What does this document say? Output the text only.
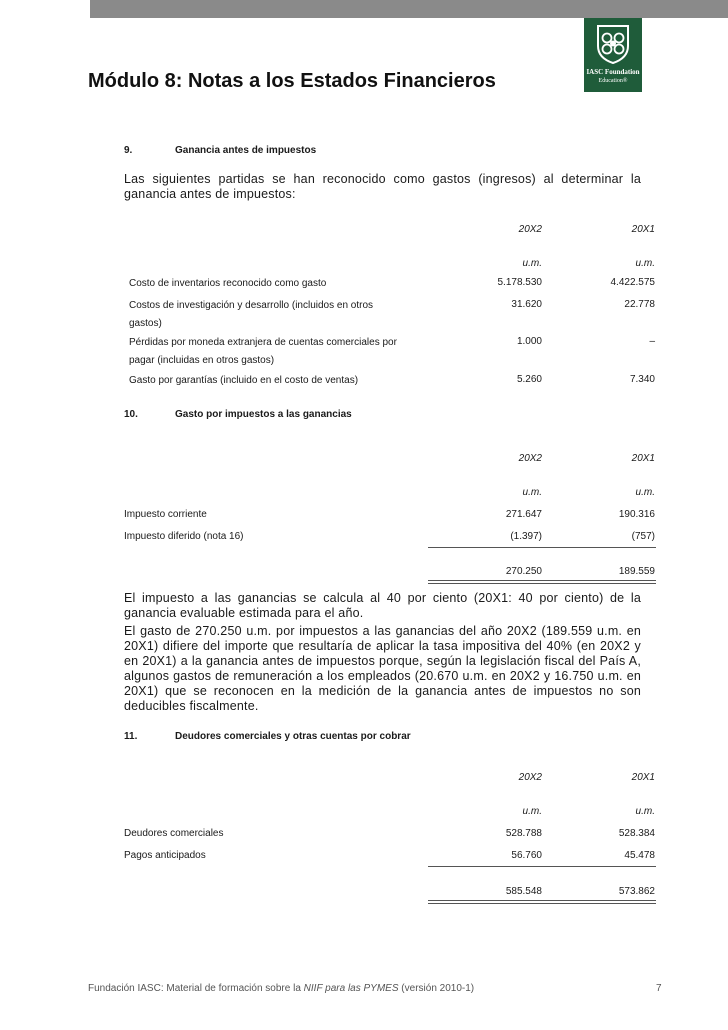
IASC Foundation
Education®
Módulo 8: Notas a los Estados Financieros
9.	Ganancia antes de impuestos
Las siguientes partidas se han reconocido como gastos (ingresos) al determinar la ganancia antes de impuestos:
20X2	20X1
u.m.	u.m.
Costo de inventarios reconocido como gasto	5.178.530	4.422.575
Costos de investigación y desarrollo (incluidos en otros
gastos)
31.620	22.778
Pérdidas por moneda extranjera de cuentas comerciales por
pagar (incluidas en otros gastos)
1.000	–
Gasto por garantías (incluido en el costo de ventas)	5.260	7.340
10.	Gasto por impuestos a las ganancias
20X2	20X1
u.m.	u.m.
Impuesto corriente	271.647	190.316
Impuesto diferido (nota 16)	(1.397)	(757)
270.250	189.559
El impuesto a las ganancias se calcula al 40 por ciento (20X1: 40 por ciento) de la ganancia evaluable estimada para el año.
El gasto de 270.250 u.m. por impuestos a las ganancias del año 20X2 (189.559 u.m. en 20X1) difiere del importe que resultaría de aplicar la tasa impositiva del 40% (en 20X2 y en 20X1) a la ganancia antes de impuestos porque, según la legislación fiscal del País A, algunos gastos de remuneración a los empleados (20.670 u.m. en 20X2 y 16.750 u.m. en 20X1) que se reconocen en la medición de la ganancia antes de impuestos no son deducibles fiscalmente.
11.	Deudores comerciales y otras cuentas por cobrar
20X2	20X1
u.m.	u.m.
Deudores comerciales	528.788	528.384
Pagos anticipados	56.760	45.478
585.548	573.862
Fundación IASC: Material de formación sobre la NIIF para las PYMES (versión 2010-1)	7
